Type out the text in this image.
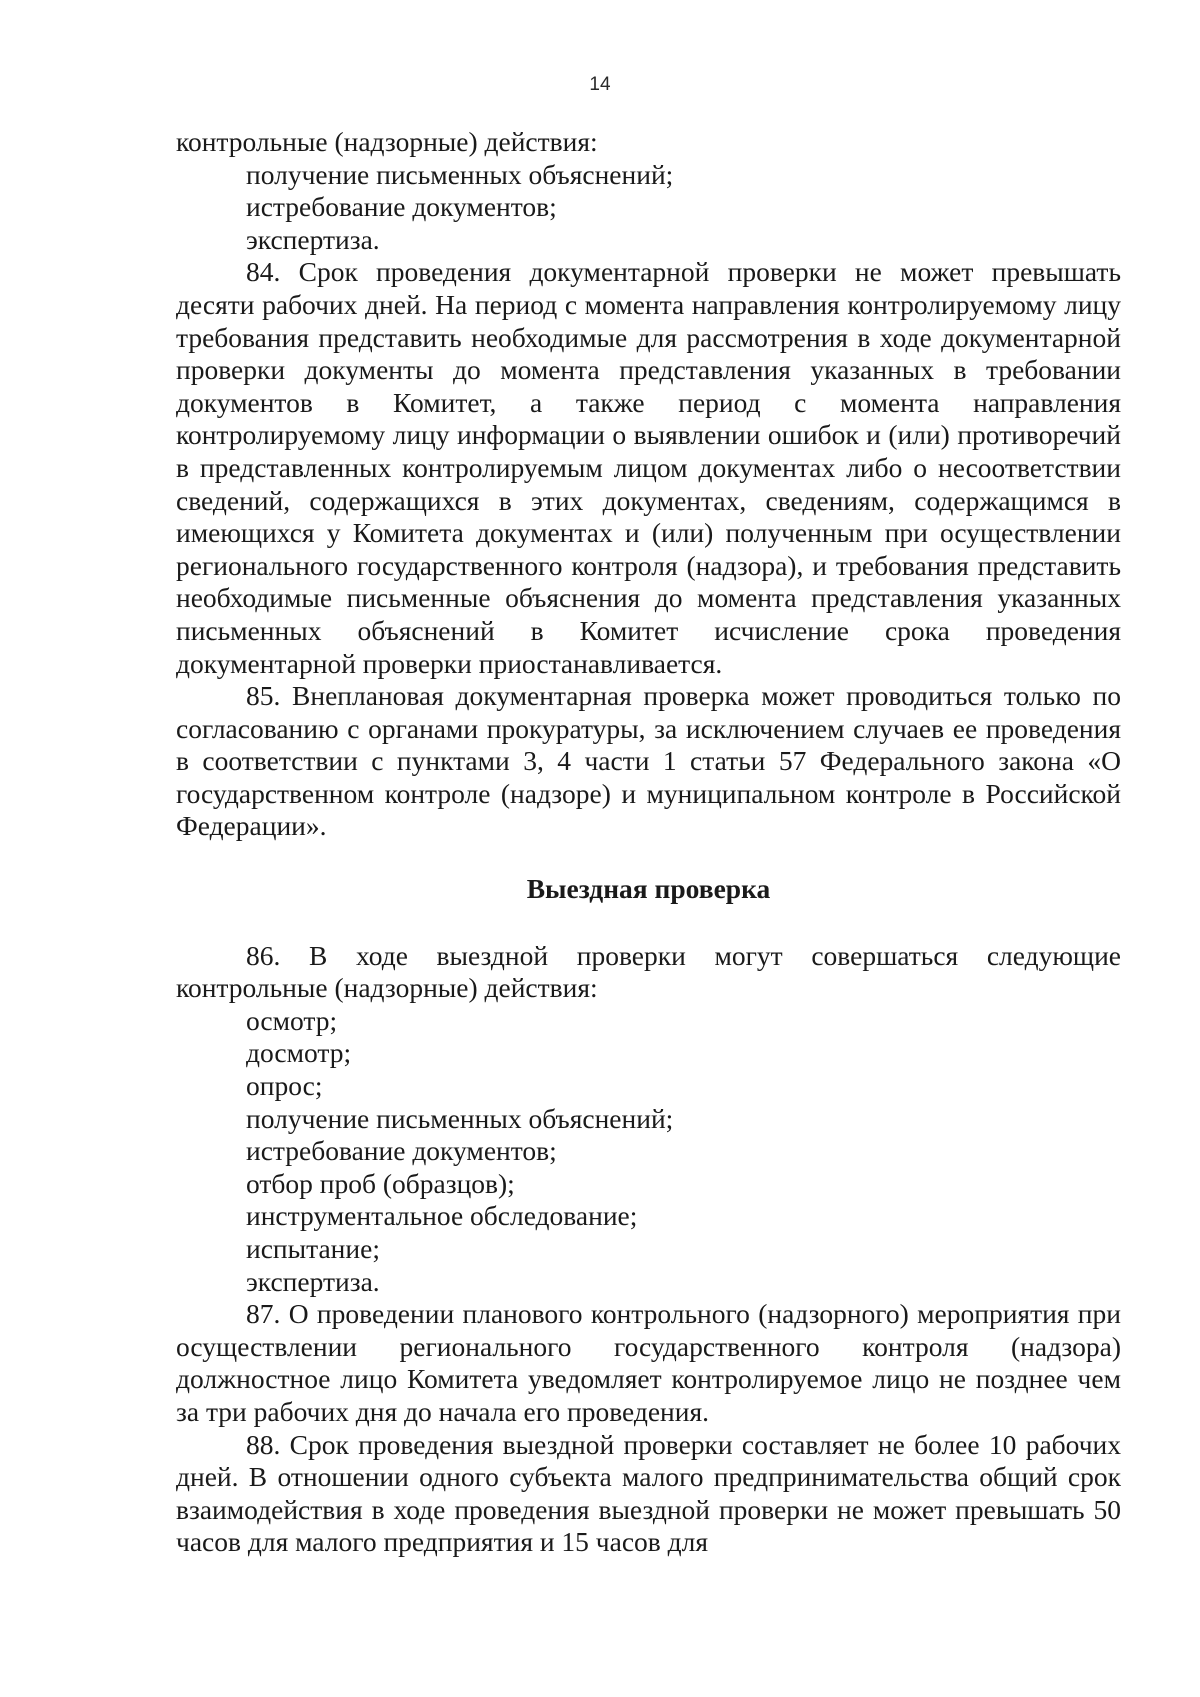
14

контрольные (надзорные) действия:

получение письменных объяснений;

истребование документов;

экспертиза.

84. Срок проведения документарной проверки не может превышать десяти рабочих дней. На период с момента направления контролируемому лицу требования представить необходимые для рассмотрения в ходе документарной проверки документы до момента представления указанных в требовании документов в Комитет, а также период с момента направления контролируемому лицу информации о выявлении ошибок и (или) противоречий в представленных контролируемым лицом документах либо о несоответствии сведений, содержащихся в этих документах, сведениям, содержащимся в имеющихся у Комитета документах и (или) полученным при осуществлении регионального государственного контроля (надзора), и требования представить необходимые письменные объяснения до момента представления указанных письменных объяснений в Комитет исчисление срока проведения документарной проверки приостанавливается.

85. Внеплановая документарная проверка может проводиться только по согласованию с органами прокуратуры, за исключением случаев ее проведения в соответствии с пунктами 3, 4 части 1 статьи 57 Федерального закона «О государственном контроле (надзоре) и муниципальном контроле в Российской Федерации».

Выездная проверка

86. В ходе выездной проверки могут совершаться следующие контрольные (надзорные) действия:

осмотр;

досмотр;

опрос;

получение письменных объяснений;

истребование документов;

отбор проб (образцов);

инструментальное обследование;

испытание;

экспертиза.

87. О проведении планового контрольного (надзорного) мероприятия при осуществлении регионального государственного контроля (надзора) должностное лицо Комитета уведомляет контролируемое лицо не позднее чем за три рабочих дня до начала его проведения.

88. Срок проведения выездной проверки составляет не более 10 рабочих дней. В отношении одного субъекта малого предпринимательства общий срок взаимодействия в ходе проведения выездной проверки не может превышать 50 часов для малого предприятия и 15 часов для
